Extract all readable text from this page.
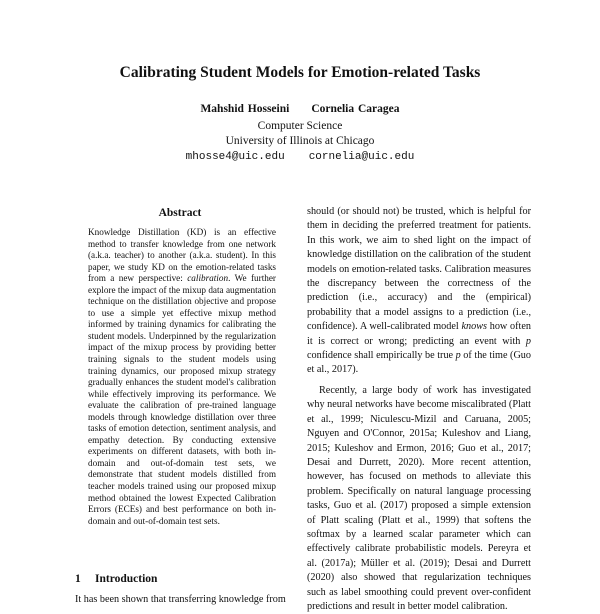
Calibrating Student Models for Emotion-related Tasks
Mahshid Hosseini Cornelia Caragea
Computer Science
University of Illinois at Chicago
mhosse4@uic.edu cornelia@uic.edu
Abstract
Knowledge Distillation (KD) is an effective method to transfer knowledge from one network (a.k.a. teacher) to another (a.k.a. student). In this paper, we study KD on the emotion-related tasks from a new perspective: calibration. We further explore the impact of the mixup data augmentation technique on the distillation objective and propose to use a simple yet effective mixup method informed by training dynamics for calibrating the student models. Underpinned by the regularization impact of the mixup process by providing better training signals to the student models using training dynamics, our proposed mixup strategy gradually enhances the student model's calibration while effectively improving its performance. We evaluate the calibration of pre-trained language models through knowledge distillation over three tasks of emotion detection, sentiment analysis, and empathy detection. By conducting extensive experiments on different datasets, with both in-domain and out-of-domain test sets, we demonstrate that student models distilled from teacher models trained using our proposed mixup method obtained the lowest Expected Calibration Errors (ECEs) and best performance on both in-domain and out-of-domain test sets.
1 Introduction
It has been shown that transferring knowledge from

should (or should not) be trusted, which is helpful for them in deciding the preferred treatment for patients. In this work, we aim to shed light on the impact of knowledge distillation on the calibration of the student models on emotion-related tasks. Calibration measures the discrepancy between the correctness of the prediction (i.e., accuracy) and the (empirical) probability that a model assigns to a prediction (i.e., confidence). A well-calibrated model knows how often it is correct or wrong; predicting an event with p confidence shall empirically be true p of the time (Guo et al., 2017).

Recently, a large body of work has investigated why neural networks have become miscalibrated (Platt et al., 1999; Niculescu-Mizil and Caruana, 2005; Nguyen and O'Connor, 2015a; Kuleshov and Liang, 2015; Kuleshov and Ermon, 2016; Guo et al., 2017; Desai and Durrett, 2020). More recent attention, however, has focused on methods to alleviate this problem. Specifically on natural language processing tasks, Guo et al. (2017) proposed a simple extension of Platt scaling (Platt et al., 1999) that softens the softmax by a learned scalar parameter which can effectively calibrate probabilistic models. Pereyra et al. (2017a); Müller et al. (2019); Desai and Durrett (2020) also showed that regularization techniques such as label smoothing could prevent over-confident predictions and result in better model calibration.
